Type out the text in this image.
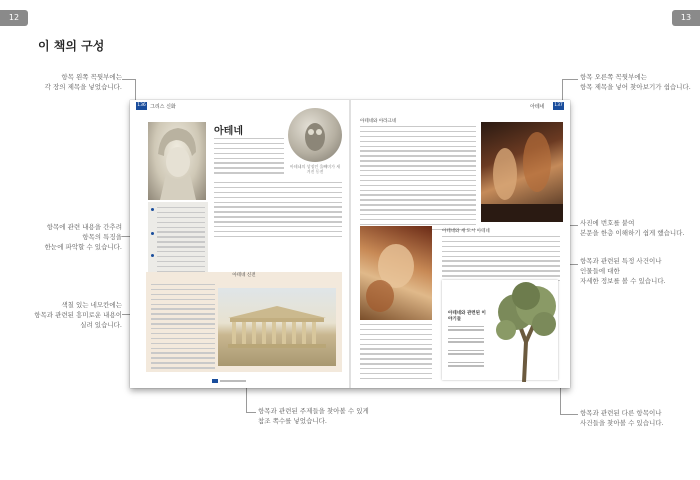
12	13
이 책의 구성
항목 왼쪽 꼭뒷부에는
각 장의 제목을 넣었습니다.
항목 오른쪽 꼭뒷부에는
항목 제목을 넣어 찾아보기가 쉽습니다.
항목에 관련 내용을 간추려
항목의 특징을
한눈에 파악할 수 있습니다.
색칠 있는 네모칸에는
항목과 관련된 흥미로운 내용이
실려 있습니다.
사진에 번호를 붙여
본문을 한층 이해하기 쉽게 했습니다.
항목과 관련된 특정 사건이나
인물들에 대한
자세한 정보를 볼 수 있습니다.
항목과 관련된 주제들을 찾아볼 수 있게
참조 쪽수를 넣었습니다.
항목과 관련된 다른 항목이나
사건들을 찾아볼 수 있습니다.
136 그리스 신화
아테네
아테네의 상징인 올빼미가 새겨진 동전
아테네 신전
아테네 137
아테네와 아라크네
아테네와 새 도시 아테네
아테네와 관련된 이야기들
